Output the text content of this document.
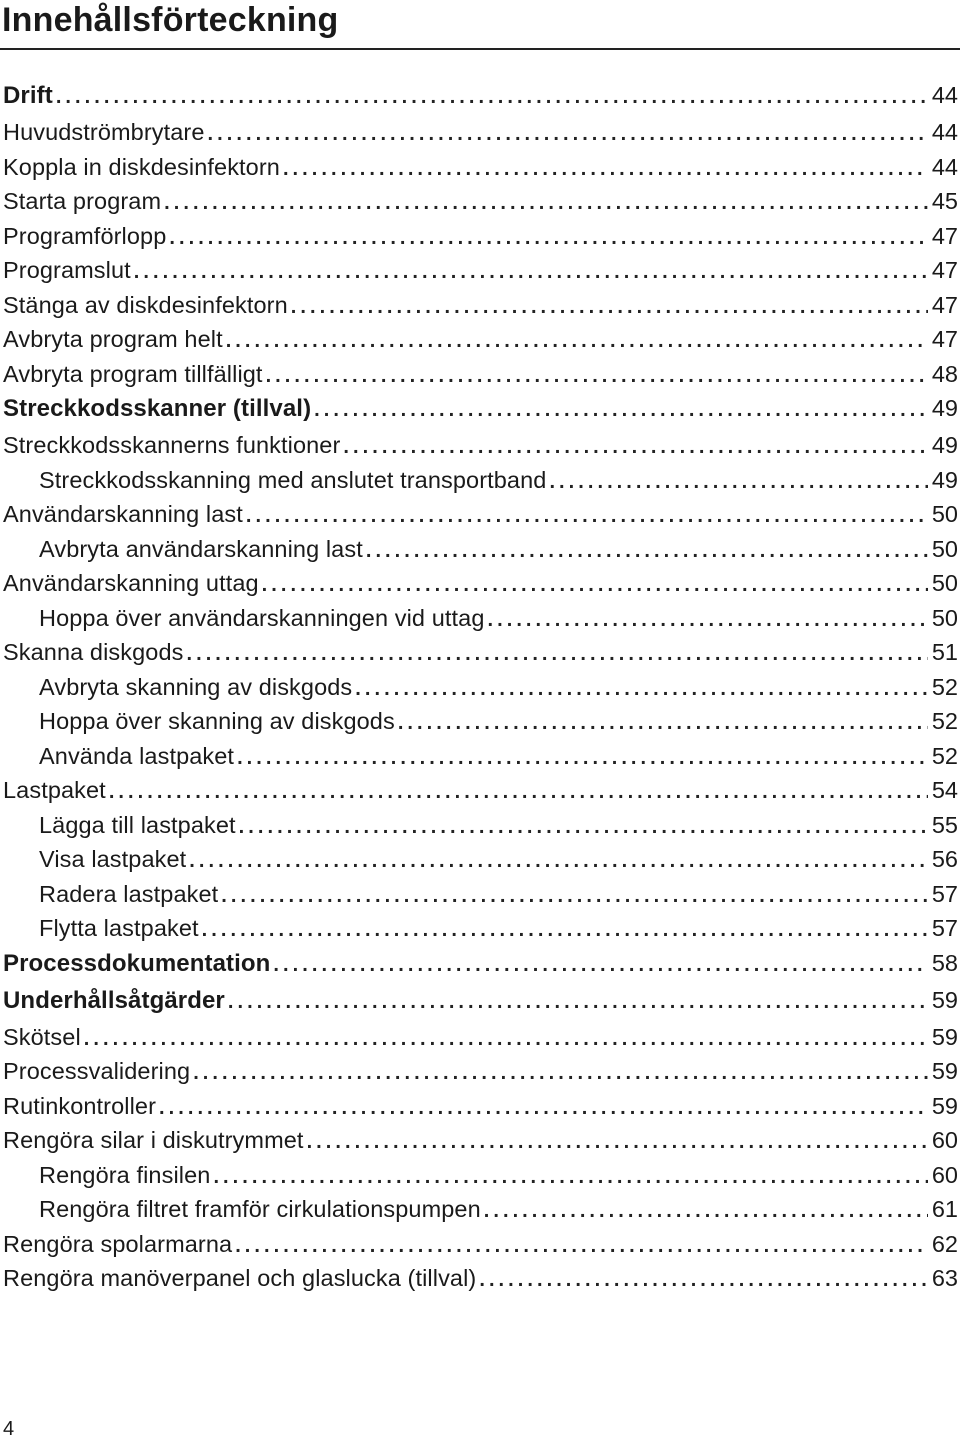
Innehållsförteckning
Drift .....	44
Huvudströmbrytare .....	44
Koppla in diskdesinfektorn .....	44
Starta program .....	45
Programförlopp .....	47
Programslut .....	47
Stänga av diskdesinfektorn .....	47
Avbryta program helt .....	47
Avbryta program tillfälligt .....	48
Streckkodsskanner (tillval) .....	49
Streckkodsskannerns funktioner .....	49
Streckkodsskanning med anslutet transportband .....	49
Användarskanning last .....	50
Avbryta användarskanning last .....	50
Användarskanning uttag .....	50
Hoppa över användarskanningen vid uttag .....	50
Skanna diskgods .....	51
Avbryta skanning av diskgods .....	52
Hoppa över skanning av diskgods .....	52
Använda lastpaket .....	52
Lastpaket .....	54
Lägga till lastpaket .....	55
Visa lastpaket .....	56
Radera lastpaket .....	57
Flytta lastpaket .....	57
Processdokumentation .....	58
Underhållsåtgärder .....	59
Skötsel .....	59
Processvalidering .....	59
Rutinkontroller .....	59
Rengöra silar i diskutrymmet .....	60
Rengöra finsilen .....	60
Rengöra filtret framför cirkulationspumpen .....	61
Rengöra spolarmarna .....	62
Rengöra manöverpanel och glaslucka (tillval) .....	63
4
